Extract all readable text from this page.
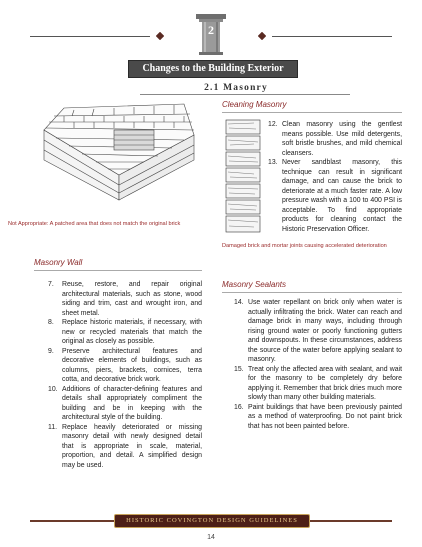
2
Changes to the Building Exterior
2.1 Masonry
Not Appropriate: A patched area that does not match the original brick
Cleaning Masonry
12. Clean masonry using the gentlest means possible. Use mild detergents, soft bristle brushes, and mild chemical cleansers.
13. Never sandblast masonry, this technique can result in significant damage, and can cause the brick to deteriorate at a much faster rate. A low pressure wash with a 100 to 400 PSI is acceptable. To find appropriate products for cleaning contact the Historic Preservation Officer.
Damaged brick and mortar joints causing accelerated deterioration
Masonry Wall
7. Reuse, restore, and repair original architectural materials, such as stone, wood siding and trim, cast and wrought iron, and sheet metal.
8. Replace historic materials, if necessary, with new or recycled materials that match the original as closely as possible.
9. Preserve architectural features and decorative elements of buildings, such as columns, piers, brackets, cornices, terra cotta, and decorative brick work.
10. Additions of character-defining features and details shall appropriately compliment the building and be in keeping with the architectural style of the building.
11. Replace heavily deteriorated or missing masonry detail with newly designed detail that is appropriate in scale, material, proportion, and detail. A simplified design may be used.
Masonry Sealants
14. Use water repellant on brick only when water is actually infiltrating the brick. Water can reach and damage brick in many ways, including through rising ground water or poorly functioning gutters and downspouts. In these circumstances, address the source of the water before applying sealant to masonry.
15. Treat only the affected area with sealant, and wait for the masonry to be completely dry before applying it. Remember that brick dries much more slowly than many other building materials.
16. Paint buildings that have been previously painted as a method of waterproofing. Do not paint brick that has not been painted before.
HISTORIC COVINGTON DESIGN GUIDELINES
14
